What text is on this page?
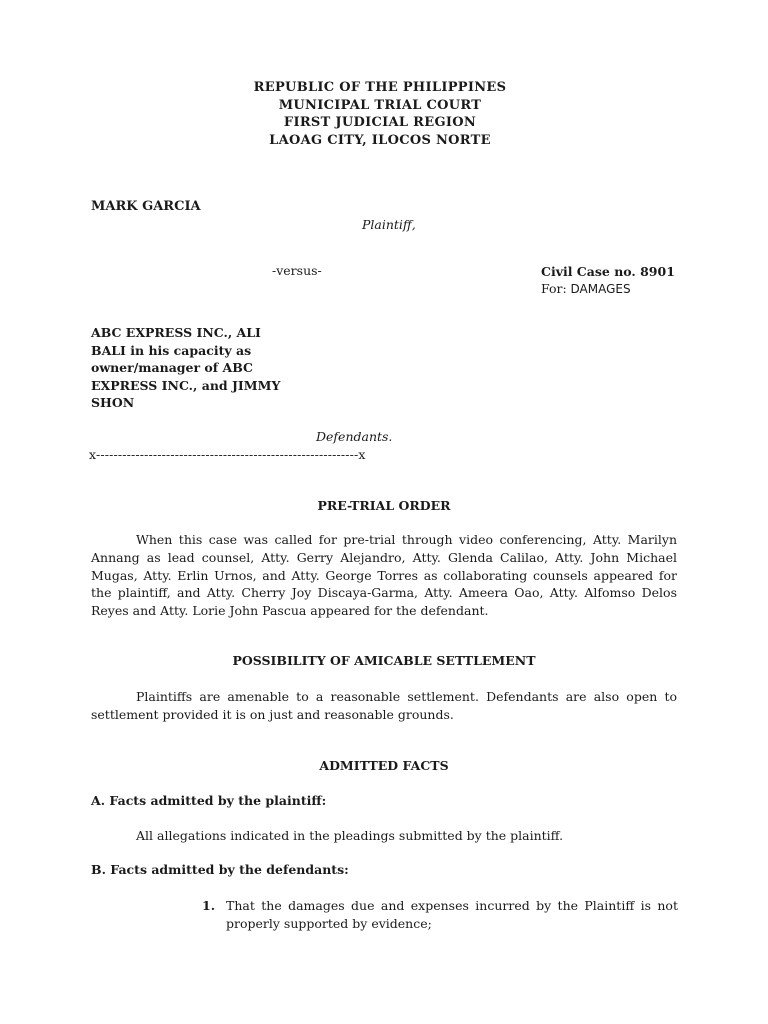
REPUBLIC OF THE PHILIPPINES
MUNICIPAL TRIAL COURT
FIRST JUDICIAL REGION
LAOAG CITY, ILOCOS NORTE
MARK GARCIA
Plaintiff,
-versus-	Civil Case no. 8901
For: DAMAGES
ABC EXPRESS INC., ALI BALI in his capacity as owner/manager of ABC EXPRESS INC., and JIMMY SHON
Defendants.
x------------------------------------------------------------x
PRE-TRIAL ORDER
When this case was called for pre-trial through video conferencing, Atty. Marilyn Annang as lead counsel, Atty. Gerry Alejandro, Atty. Glenda Calilao, Atty. John Michael Mugas, Atty. Erlin Urnos, and Atty. George Torres as collaborating counsels appeared for the plaintiff, and Atty. Cherry Joy Discaya-Garma, Atty. Ameera Oao, Atty. Alfomso Delos Reyes and Atty. Lorie John Pascua appeared for the defendant.
POSSIBILITY OF AMICABLE SETTLEMENT
Plaintiffs are amenable to a reasonable settlement. Defendants are also open to settlement provided it is on just and reasonable grounds.
ADMITTED FACTS
A. Facts admitted by the plaintiff:
All allegations indicated in the pleadings submitted by the plaintiff.
B. Facts admitted by the defendants:
1. That the damages due and expenses incurred by the Plaintiff is not properly supported by evidence;
